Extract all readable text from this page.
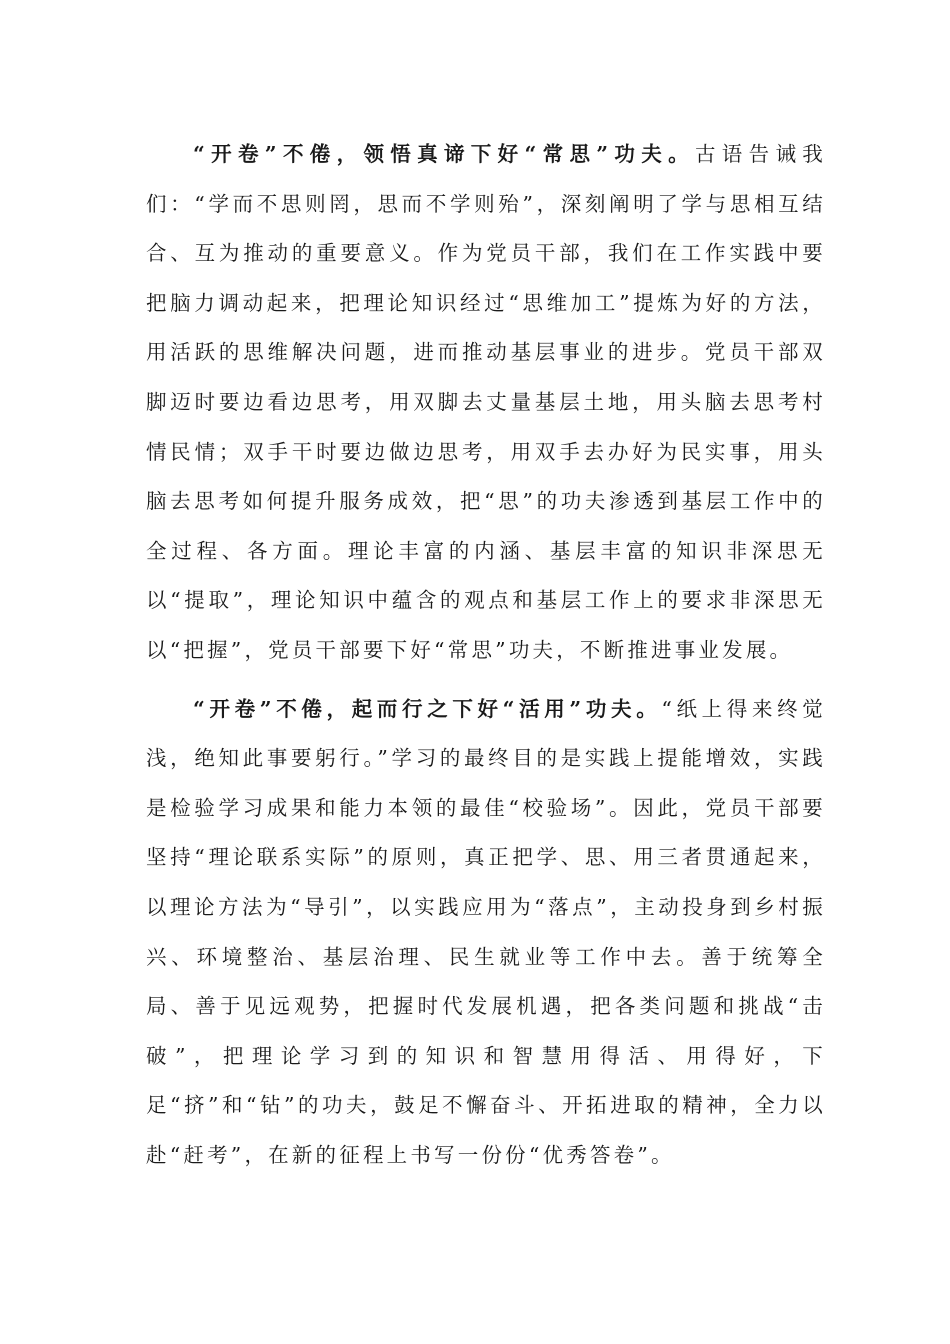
“开卷”不倦，领悟真谛下好“常思”功夫。古语告诫我们：“学而不思则罔，思而不学则殆”，深刻阐明了学与思相互结合、互为推动的重要意义。作为党员干部，我们在工作实践中要把脑力调动起来，把理论知识经过“思维加工”提炼为好的方法，用活跃的思维解决问题，进而推动基层事业的进步。党员干部双脚迈时要边看边思考，用双脚去丈量基层土地，用头脑去思考村情民情；双手干时要边做边思考，用双手去办好为民实事，用头脑去思考如何提升服务成效，把“思”的功夫渗透到基层工作中的全过程、各方面。理论丰富的内涵、基层丰富的知识非深思无以“提取”，理论知识中蕴含的观点和基层工作上的要求非深思无以“把握”，党员干部要下好“常思”功夫，不断推进事业发展。

“开卷”不倦，起而行之下好“活用”功夫。“纸上得来终觉浅，绝知此事要躬行。”学习的最终目的是实践上提能增效，实践是检验学习成果和能力本领的最佳“校验场”。因此，党员干部要坚持“理论联系实际”的原则，真正把学、思、用三者贯通起来，以理论方法为“导引”，以实践应用为“落点”，主动投身到乡村振兴、环境整治、基层治理、民生就业等工作中去。善于统筹全局、善于见远观势，把握时代发展机遇，把各类问题和挑战“击破”，把理论学习到的知识和智慧用得活、用得好，下足“挤”和“钻”的功夫，鼓足不懈奋斗、开拓进取的精神，全力以赴“赶考”，在新的征程上书写一份份“优秀答卷”。
